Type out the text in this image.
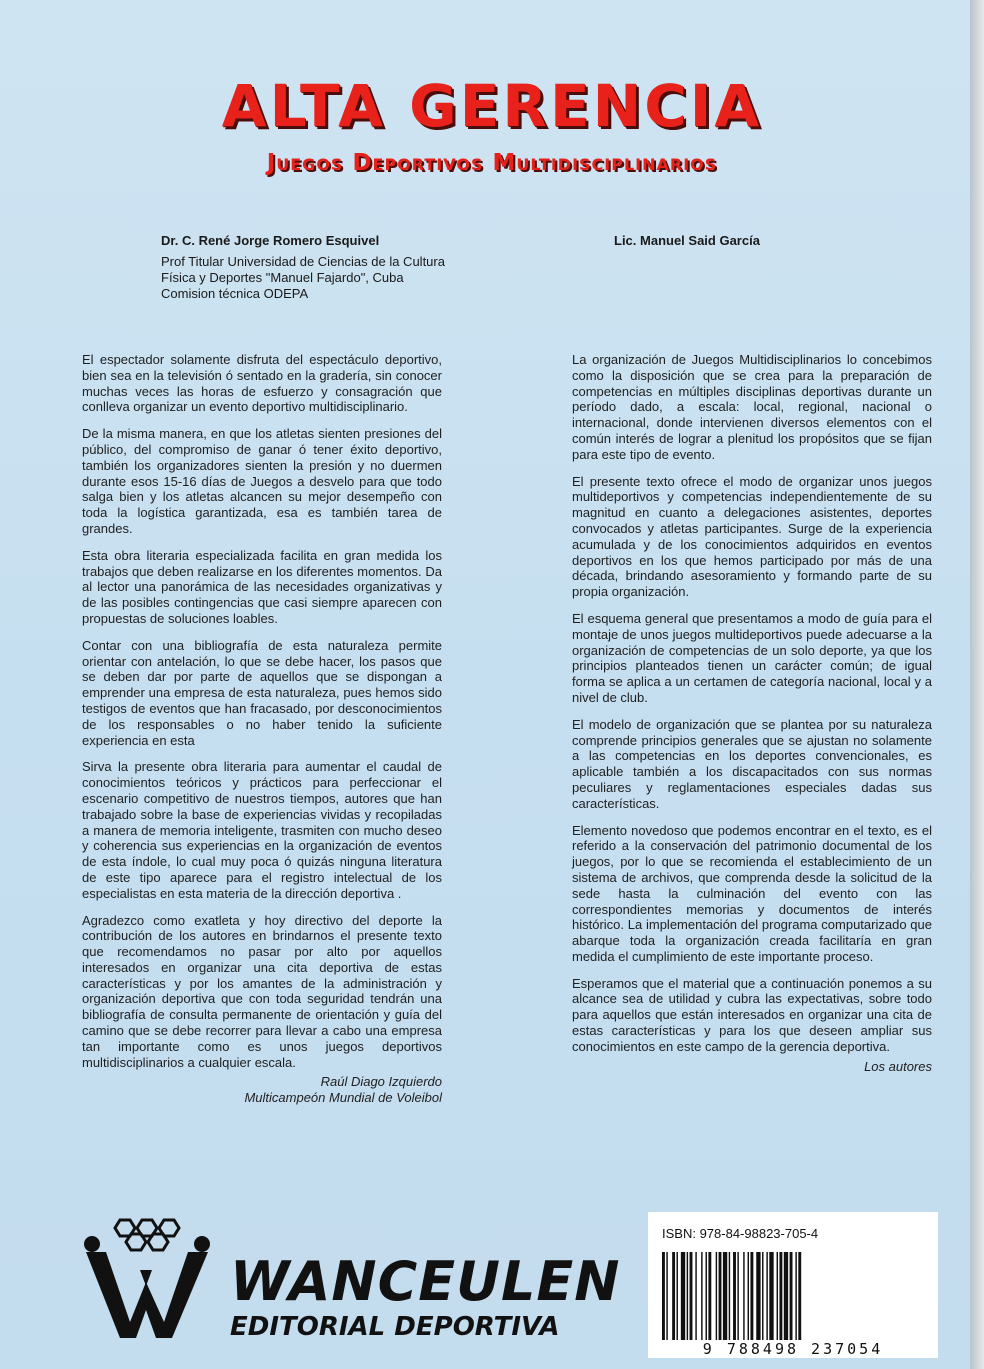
ALTA GERENCIA
Juegos Deportivos Multidisciplinarios
Dr. C. René Jorge Romero Esquivel
Prof Titular Universidad de Ciencias de la Cultura
Física y Deportes "Manuel Fajardo", Cuba
Comision técnica ODEPA
Lic. Manuel Said García

El espectador solamente disfruta del espectáculo deportivo, bien sea en la televisión ó sentado en la gradería, sin conocer muchas veces las horas de esfuerzo y consagración que conlleva organizar un evento deportivo multidisciplinario.

De la misma manera, en que los atletas sienten presiones del público, del compromiso de ganar ó tener éxito deportivo, también los organizadores sienten la presión y no duermen durante esos 15-16 días de Juegos a desvelo para que todo salga bien y los atletas alcancen su mejor desempeño con toda la logística garantizada, esa es también tarea de grandes.

Esta obra literaria especializada facilita en gran medida los trabajos que deben realizarse en los diferentes momentos. Da al lector una panorámica de las necesidades organizativas y de las posibles contingencias que casi siempre aparecen con propuestas de soluciones loables.

Contar con una bibliografía de esta naturaleza permite orientar con antelación, lo que se debe hacer, los pasos que se deben dar por parte de aquellos que se dispongan a emprender una empresa de esta naturaleza, pues hemos sido testigos de eventos que han fracasado, por desconocimientos de los responsables o no haber tenido la suficiente experiencia en esta

Sirva la presente obra literaria para aumentar el caudal de conocimientos teóricos y prácticos para perfeccionar el escenario competitivo de nuestros tiempos, autores que han trabajado sobre la base de experiencias vividas y recopiladas a manera de memoria inteligente, trasmiten con mucho deseo y coherencia sus experiencias en la organización de eventos de esta índole, lo cual muy poca ó quizás ninguna literatura de este tipo aparece para el registro intelectual de los especialistas en esta materia de la dirección deportiva .

Agradezco como exatleta y hoy directivo del deporte la contribución de los autores en brindarnos el presente texto que recomendamos no pasar por alto por aquellos interesados en organizar una cita deportiva de estas características y por los amantes de la administración y organización deportiva que con toda seguridad tendrán una bibliografía de consulta permanente de orientación y guía del camino que se debe recorrer para llevar a cabo una empresa tan importante como es unos juegos deportivos multidisciplinarios a cualquier escala.

Raúl Diago Izquierdo
Multicampeón Mundial de Voleibol

La organización de Juegos Multidisciplinarios lo concebimos como la disposición que se crea para la preparación de competencias en múltiples disciplinas deportivas durante un período dado, a escala: local, regional, nacional o internacional, donde intervienen diversos elementos con el común interés de lograr a plenitud los propósitos que se fijan para este tipo de evento.

El presente texto ofrece el modo de organizar unos juegos multideportivos y competencias independientemente de su magnitud en cuanto a delegaciones asistentes, deportes convocados y atletas participantes. Surge de la experiencia acumulada y de los conocimientos adquiridos en eventos deportivos en los que hemos participado por más de una década, brindando asesoramiento y formando parte de su propia organización.

El esquema general que presentamos a modo de guía para el montaje de unos juegos multideportivos puede adecuarse a la organización de competencias de un solo deporte, ya que los principios planteados tienen un carácter común; de igual forma se aplica a un certamen de categoría nacional, local y a nivel de club.

El modelo de organización que se plantea por su naturaleza comprende principios generales que se ajustan no solamente a las competencias en los deportes convencionales, es aplicable también a los discapacitados con sus normas peculiares y reglamentaciones especiales dadas sus características.

Elemento novedoso que podemos encontrar en el texto, es el referido a la conservación del patrimonio documental de los juegos, por lo que se recomienda el establecimiento de un sistema de archivos, que comprenda desde la solicitud de la sede hasta la culminación del evento con las correspondientes memorias y documentos de interés histórico. La implementación del programa computarizado que abarque toda la organización creada facilitaría en gran medida el cumplimiento de este importante proceso.

Esperamos que el material que a continuación ponemos a su alcance sea de utilidad y cubra las expectativas, sobre todo para aquellos que están interesados en organizar una cita de estas características y para los que deseen ampliar sus conocimientos en este campo de la gerencia deportiva.

Los autores
WANCEULEN
EDITORIAL DEPORTIVA
ISBN: 978-84-98823-705-4
9 788498 237054
